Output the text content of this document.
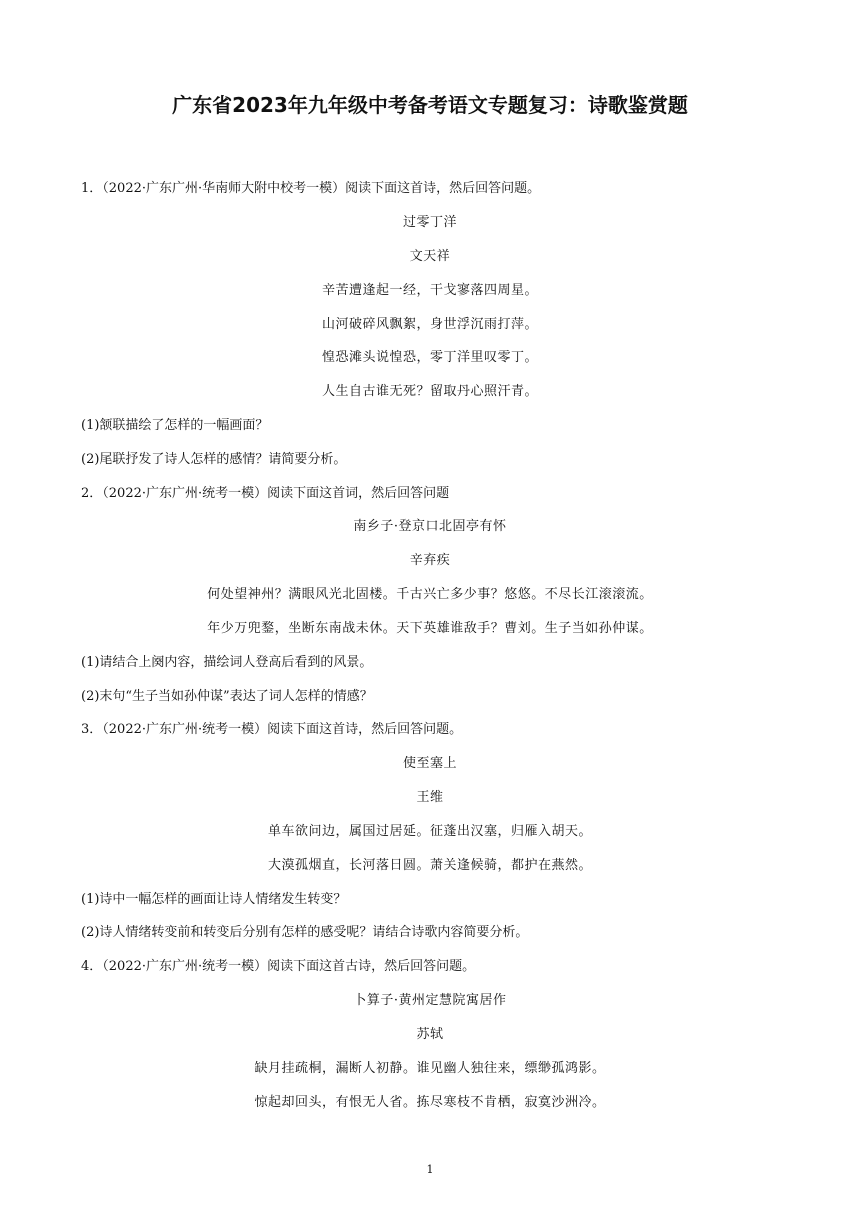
广东省2023年九年级中考备考语文专题复习：诗歌鉴赏题
1．（2022·广东广州·华南师大附中校考一模）阅读下面这首诗，然后回答问题。
过零丁洋
文天祥
辛苦遭逢起一经，干戈寥落四周星。
山河破碎风飘絮，身世浮沉雨打萍。
惶恐滩头说惶恐，零丁洋里叹零丁。
人生自古谁无死？留取丹心照汗青。
(1)颔联描绘了怎样的一幅画面？
(2)尾联抒发了诗人怎样的感情？请简要分析。
2．（2022·广东广州·统考一模）阅读下面这首词，然后回答问题
南乡子·登京口北固亭有怀
辛弃疾
何处望神州？满眼风光北固楼。千古兴亡多少事？悠悠。不尽长江滚滚流。
年少万兜鍪，坐断东南战未休。天下英雄谁敌手？曹刘。生子当如孙仲谋。
(1)请结合上阕内容，描绘词人登高后看到的风景。
(2)末句“生子当如孙仲谋”表达了词人怎样的情感？
3．（2022·广东广州·统考一模）阅读下面这首诗，然后回答问题。
使至塞上
王维
单车欲问边，属国过居延。征蓬出汉塞，归雁入胡天。
大漠孤烟直，长河落日圆。萧关逢候骑，都护在燕然。
(1)诗中一幅怎样的画面让诗人情绪发生转变？
(2)诗人情绪转变前和转变后分别有怎样的感受呢？请结合诗歌内容简要分析。
4．（2022·广东广州·统考一模）阅读下面这首古诗，然后回答问题。
卜算子·黄州定慧院寓居作
苏轼
缺月挂疏桐，漏断人初静。谁见幽人独往来，缥缈孤鸿影。
惊起却回头，有恨无人省。拣尽寒枝不肯栖，寂寞沙洲冷。
1
